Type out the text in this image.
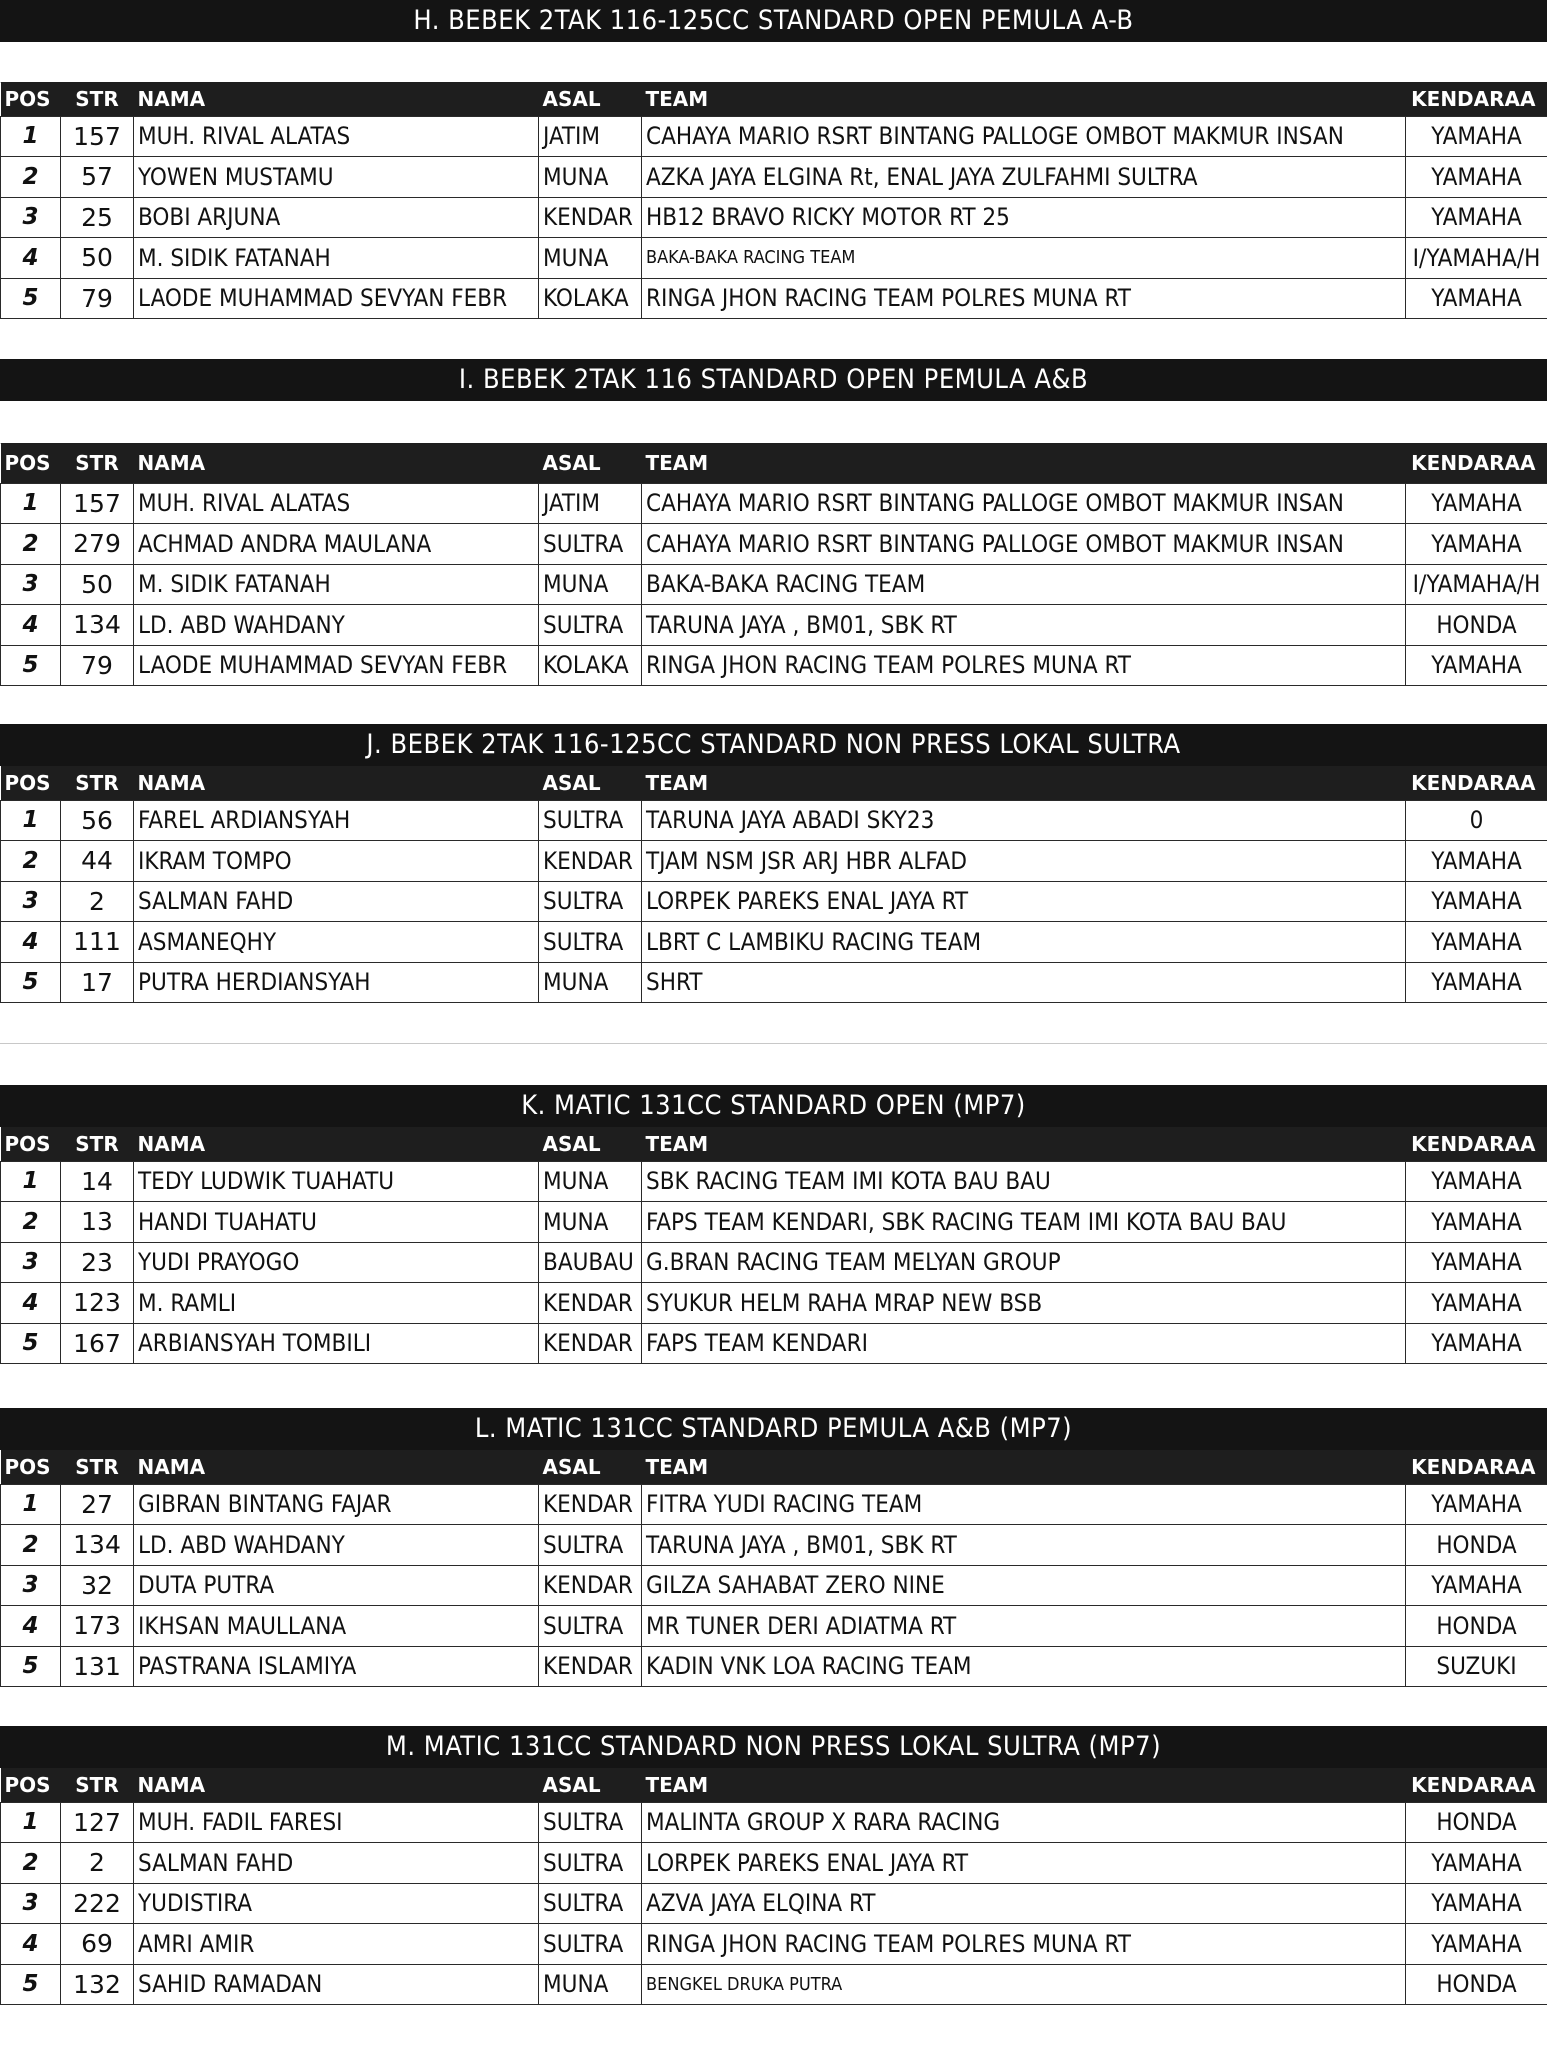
H. BEBEK 2TAK 116-125CC STANDARD OPEN PEMULA A-B
POS	STR	NAMA	ASAL	TEAM	KENDARAA
1	157	MUH. RIVAL ALATAS	JATIM	CAHAYA MARIO RSRT BINTANG PALLOGE OMBOT MAKMUR INSAN	YAMAHA
2	57	YOWEN MUSTAMU	MUNA	AZKA JAYA ELGINA Rt, ENAL JAYA ZULFAHMI SULTRA	YAMAHA
3	25	BOBI ARJUNA	KENDAR	HB12 BRAVO RICKY MOTOR RT 25	YAMAHA
4	50	M. SIDIK FATANAH	MUNA	BAKA-BAKA RACING TEAM	I/YAMAHA/H
5	79	LAODE MUHAMMAD SEVYAN FEBR	KOLAKA	RINGA JHON RACING TEAM POLRES MUNA RT	YAMAHA
I. BEBEK 2TAK 116 STANDARD OPEN PEMULA A&B
POS	STR	NAMA	ASAL	TEAM	KENDARAA
1	157	MUH. RIVAL ALATAS	JATIM	CAHAYA MARIO RSRT BINTANG PALLOGE OMBOT MAKMUR INSAN	YAMAHA
2	279	ACHMAD ANDRA MAULANA	SULTRA	CAHAYA MARIO RSRT BINTANG PALLOGE OMBOT MAKMUR INSAN	YAMAHA
3	50	M. SIDIK FATANAH	MUNA	BAKA-BAKA RACING TEAM	I/YAMAHA/H
4	134	LD. ABD WAHDANY	SULTRA	TARUNA JAYA , BM01, SBK RT	HONDA
5	79	LAODE MUHAMMAD SEVYAN FEBR	KOLAKA	RINGA JHON RACING TEAM POLRES MUNA RT	YAMAHA
J. BEBEK 2TAK 116-125CC STANDARD NON PRESS LOKAL SULTRA
POS	STR	NAMA	ASAL	TEAM	KENDARAA
1	56	FAREL ARDIANSYAH	SULTRA	TARUNA JAYA ABADI SKY23	0
2	44	IKRAM TOMPO	KENDAR	TJAM NSM JSR ARJ HBR ALFAD	YAMAHA
3	2	SALMAN FAHD	SULTRA	LORPEK PAREKS ENAL JAYA RT	YAMAHA
4	111	ASMANEQHY	SULTRA	LBRT C LAMBIKU RACING TEAM	YAMAHA
5	17	PUTRA HERDIANSYAH	MUNA	SHRT	YAMAHA
K. MATIC 131CC STANDARD OPEN (MP7)
POS	STR	NAMA	ASAL	TEAM	KENDARAA
1	14	TEDY LUDWIK TUAHATU	MUNA	SBK RACING TEAM IMI KOTA BAU BAU	YAMAHA
2	13	HANDI TUAHATU	MUNA	FAPS TEAM KENDARI, SBK RACING TEAM IMI KOTA BAU BAU	YAMAHA
3	23	YUDI PRAYOGO	BAUBAU	G.BRAN RACING TEAM MELYAN GROUP	YAMAHA
4	123	M. RAMLI	KENDAR	SYUKUR HELM RAHA MRAP NEW BSB	YAMAHA
5	167	ARBIANSYAH TOMBILI	KENDAR	FAPS TEAM KENDARI	YAMAHA
L. MATIC 131CC STANDARD PEMULA A&B (MP7)
POS	STR	NAMA	ASAL	TEAM	KENDARAA
1	27	GIBRAN BINTANG FAJAR	KENDAR	FITRA YUDI RACING TEAM	YAMAHA
2	134	LD. ABD WAHDANY	SULTRA	TARUNA JAYA , BM01, SBK RT	HONDA
3	32	DUTA PUTRA	KENDAR	GILZA SAHABAT ZERO NINE	YAMAHA
4	173	IKHSAN MAULLANA	SULTRA	MR TUNER DERI ADIATMA RT	HONDA
5	131	PASTRANA ISLAMIYA	KENDAR	KADIN VNK LOA RACING TEAM	SUZUKI
M. MATIC 131CC STANDARD NON PRESS LOKAL SULTRA (MP7)
POS	STR	NAMA	ASAL	TEAM	KENDARAA
1	127	MUH. FADIL FARESI	SULTRA	MALINTA GROUP X RARA RACING	HONDA
2	2	SALMAN FAHD	SULTRA	LORPEK PAREKS ENAL JAYA RT	YAMAHA
3	222	YUDISTIRA	SULTRA	AZVA JAYA ELQINA RT	YAMAHA
4	69	AMRI AMIR	SULTRA	RINGA JHON RACING TEAM POLRES MUNA RT	YAMAHA
5	132	SAHID RAMADAN	MUNA	BENGKEL DRUKA PUTRA	HONDA
